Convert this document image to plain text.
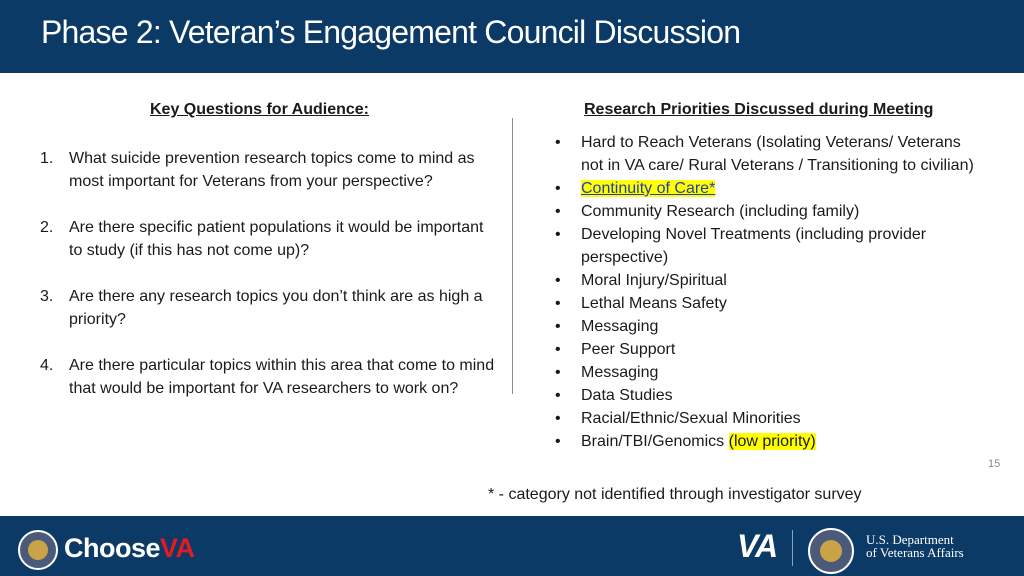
Phase 2: Veteran’s Engagement Council Discussion
Key Questions for Audience:
1. What suicide prevention research topics come to mind as most important for Veterans from your perspective?
2. Are there specific patient populations it would be important to study (if this has not come up)?
3. Are there any research topics you don’t think are as high a priority?
4. Are there particular topics within this area that come to mind that would be important for VA researchers to work on?
Research Priorities Discussed during Meeting
•	Hard to Reach Veterans (Isolating Veterans/ Veterans not in VA care/ Rural Veterans / Transitioning to civilian)
•	Continuity of Care*
•	Community Research (including family)
•	Developing Novel Treatments (including provider perspective)
•	Moral Injury/Spiritual
•	Lethal Means Safety
•	Messaging
•	Peer Support
•	Messaging
•	Data Studies
•	Racial/Ethnic/Sexual Minorities
•	Brain/TBI/Genomics (low priority)
15
* - category not identified through investigator survey
ChooseVA	VA	U.S. Department
of Veterans Affairs
